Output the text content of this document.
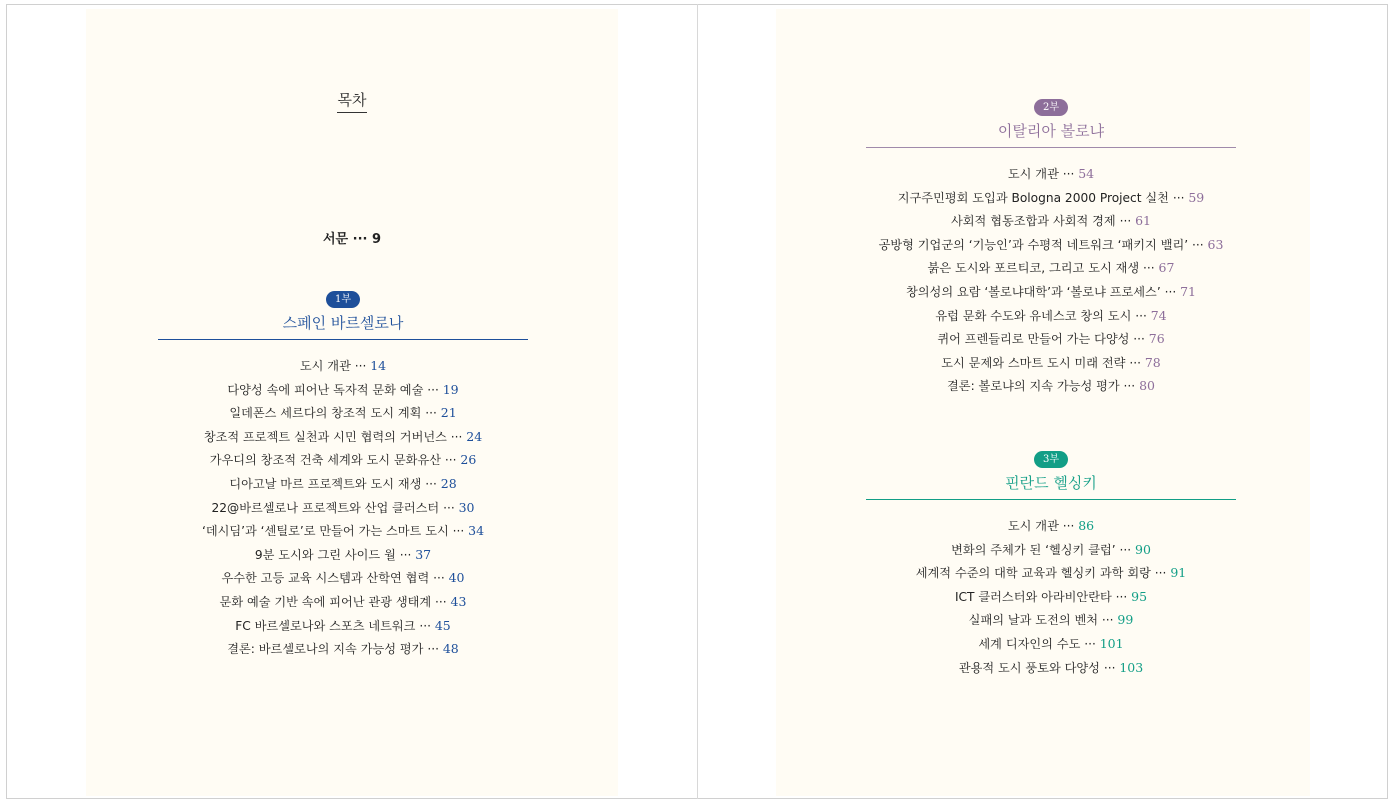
목차
서문 ··· 9
1부
스페인 바르셀로나
도시 개관 ··· 14
다양성 속에 피어난 독자적 문화 예술 ··· 19
일데폰스 세르다의 창조적 도시 계획 ··· 21
창조적 프로젝트 실천과 시민 협력의 거버넌스 ··· 24
가우디의 창조적 건축 세계와 도시 문화유산 ··· 26
디아고날 마르 프로젝트와 도시 재생 ··· 28
22@바르셀로나 프로젝트와 산업 클러스터 ··· 30
‘데시딤’과 ‘센틸로’로 만들어 가는 스마트 도시 ··· 34
9분 도시와 그린 사이드 월 ··· 37
우수한 고등 교육 시스템과 산학연 협력 ··· 40
문화 예술 기반 속에 피어난 관광 생태계 ··· 43
FC 바르셀로나와 스포츠 네트워크 ··· 45
결론: 바르셀로나의 지속 가능성 평가 ··· 48
2부
이탈리아 볼로냐
도시 개관 ··· 54
지구주민평회 도입과 Bologna 2000 Project 실천 ··· 59
사회적 협동조합과 사회적 경제 ··· 61
공방형 기업군의 ‘기능인’과 수평적 네트워크 ‘패키지 밸리’ ··· 63
붉은 도시와 포르티코, 그리고 도시 재생 ··· 67
창의성의 요람 ‘볼로냐대학’과 ‘볼로냐 프로세스’ ··· 71
유럽 문화 수도와 유네스코 창의 도시 ··· 74
퀴어 프렌들리로 만들어 가는 다양성 ··· 76
도시 문제와 스마트 도시 미래 전략 ··· 78
결론: 볼로냐의 지속 가능성 평가 ··· 80
3부
핀란드 헬싱키
도시 개관 ··· 86
변화의 주체가 된 ‘헬싱키 클럽’ ··· 90
세계적 수준의 대학 교육과 헬싱키 과학 회랑 ··· 91
ICT 클러스터와 아라비안란타 ··· 95
실패의 날과 도전의 벤처 ··· 99
세계 디자인의 수도 ··· 101
관용적 도시 풍토와 다양성 ··· 103
